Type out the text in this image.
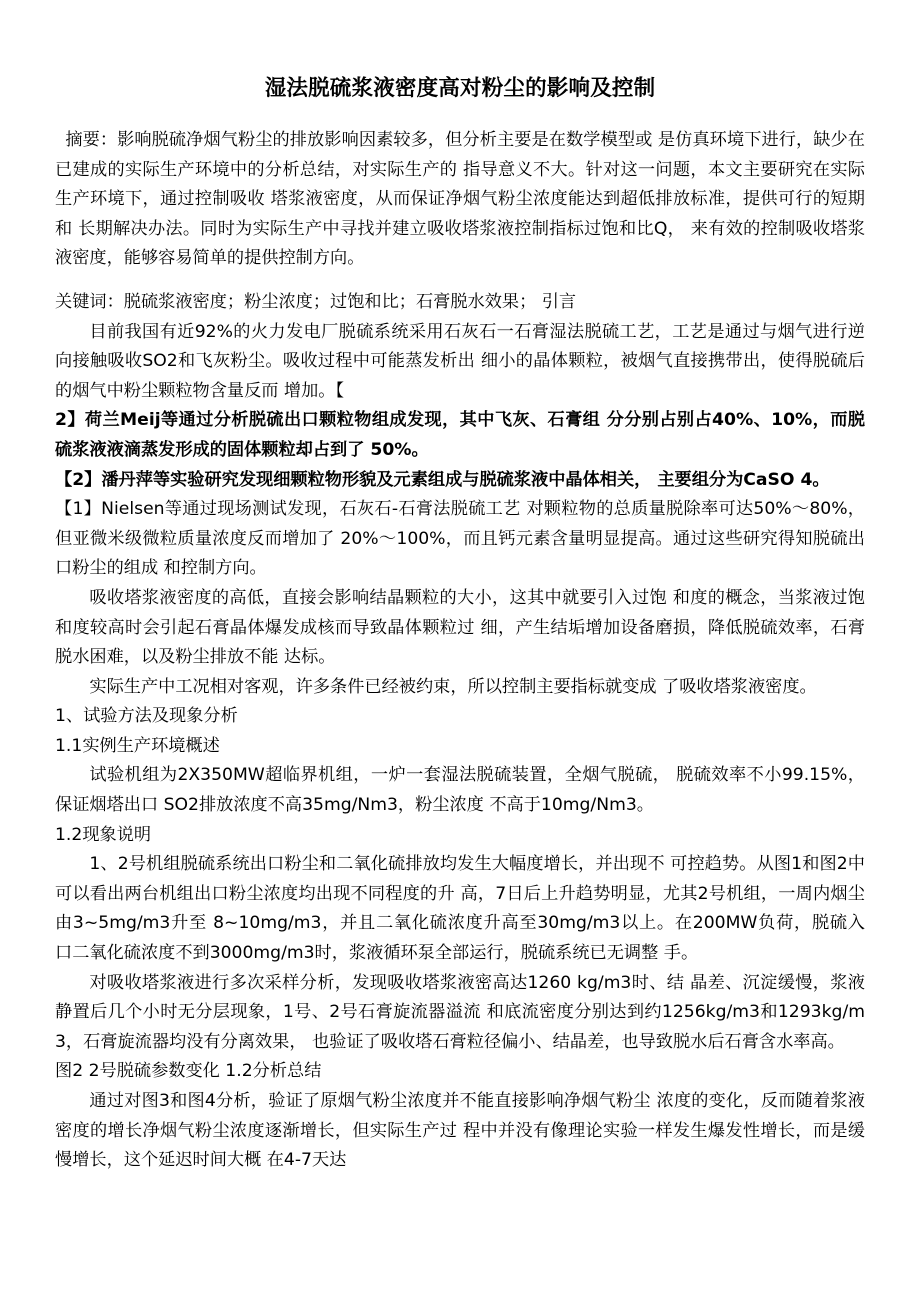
湿法脱硫浆液密度高对粉尘的影响及控制

摘要：影响脱硫净烟气粉尘的排放影响因素较多，但分析主要是在数学模型或 是仿真环境下进行，缺少在已建成的实际生产环境中的分析总结，对实际生产的 指导意义不大。针对这一问题，本文主要研究在实际生产环境下，通过控制吸收 塔浆液密度，从而保证净烟气粉尘浓度能达到超低排放标准，提供可行的短期和 长期解决办法。同时为实际生产中寻找并建立吸收塔浆液控制指标过饱和比Q， 来有效的控制吸收塔浆液密度，能够容易简单的提供控制方向。

关键词：脱硫浆液密度；粉尘浓度；过饱和比；石膏脱水效果； 引言

目前我国有近92%的火力发电厂脱硫系统采用石灰石一石膏湿法脱硫工艺，工艺是通过与烟气进行逆向接触吸收SO2和飞灰粉尘。吸收过程中可能蒸发析出 细小的晶体颗粒，被烟气直接携带出，使得脱硫后的烟气中粉尘颗粒物含量反而 增加。【

2】荷兰Meij等通过分析脱硫出口颗粒物组成发现，其中飞灰、石膏组 分分别占别占40%、10%，而脱硫浆液液滴蒸发形成的固体颗粒却占到了 50%。

【2】潘丹萍等实验研究发现细颗粒物形貌及元素组成与脱硫浆液中晶体相关， 主要组分为CaSO 4。

【1】Nielsen等通过现场测试发现，石灰石-石膏法脱硫工艺 对颗粒物的总质量脱除率可达50%～80%，但亚微米级微粒质量浓度反而增加了 20%～100%，而且钙元素含量明显提高。通过这些研究得知脱硫出口粉尘的组成 和控制方向。

吸收塔浆液密度的高低，直接会影响结晶颗粒的大小，这其中就要引入过饱 和度的概念，当浆液过饱和度较高时会引起石膏晶体爆发成核而导致晶体颗粒过 细，产生结垢增加设备磨损，降低脱硫效率，石膏脱水困难，以及粉尘排放不能 达标。

实际生产中工况相对客观，许多条件已经被约束，所以控制主要指标就变成 了吸收塔浆液密度。

1、试验方法及现象分析

1.1实例生产环境概述

试验机组为2X350MW超临界机组，一炉一套湿法脱硫装置，全烟气脱硫， 脱硫效率不小99.15%，保证烟塔出口 SO2排放浓度不高35mg/Nm3，粉尘浓度 不高于10mg/Nm3。

1.2现象说明

1、2号机组脱硫系统出口粉尘和二氧化硫排放均发生大幅度增长，并出现不 可控趋势。从图1和图2中可以看出两台机组出口粉尘浓度均出现不同程度的升 高，7日后上升趋势明显，尤其2号机组，一周内烟尘由3~5mg/m3升至 8~10mg/m3，并且二氧化硫浓度升高至30mg/m3以上。在200MW负荷，脱硫入 口二氧化硫浓度不到3000mg/m3时，浆液循环泵全部运行，脱硫系统已无调整 手。

对吸收塔浆液进行多次采样分析，发现吸收塔浆液密高达1260 kg/m3时、结 晶差、沉淀缓慢，浆液静置后几个小时无分层现象，1号、2号石膏旋流器溢流 和底流密度分别达到约1256kg/m3和1293kg/m3，石膏旋流器均没有分离效果， 也验证了吸收塔石膏粒径偏小、结晶差，也导致脱水后石膏含水率高。

图2 2号脱硫参数变化 1.2分析总结

通过对图3和图4分析，验证了原烟气粉尘浓度并不能直接影响净烟气粉尘 浓度的变化，反而随着浆液密度的增长净烟气粉尘浓度逐渐增长，但实际生产过 程中并没有像理论实验一样发生爆发性增长，而是缓慢增长，这个延迟时间大概 在4-7天达
